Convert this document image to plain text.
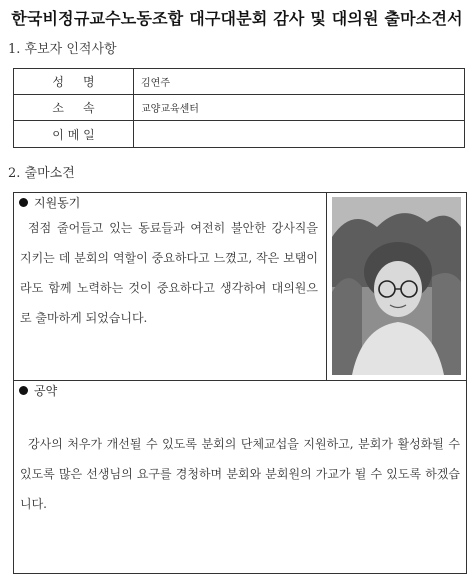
한국비정규교수노동조합 대구대분회 감사 및 대의원 출마소견서
1. 후보자 인적사항
성     명	김연주
소     속	교양교육센터
이 메 일
2. 출마소견
지원동기
점점 줄어들고 있는 동료들과 여전히 불안한 강사직을 지키는 데 분회의 역할이 중요하다고 느꼈고, 작은 보탬이라도 함께 노력하는 것이 중요하다고 생각하여 대의원으로 출마하게 되었습니다.
공약
강사의 처우가 개선될 수 있도록 분회의 단체교섭을 지원하고, 분회가 활성화될 수 있도록 많은 선생님의 요구를 경청하며 분회와 분회원의 가교가 될 수 있도록 하겠습니다.
